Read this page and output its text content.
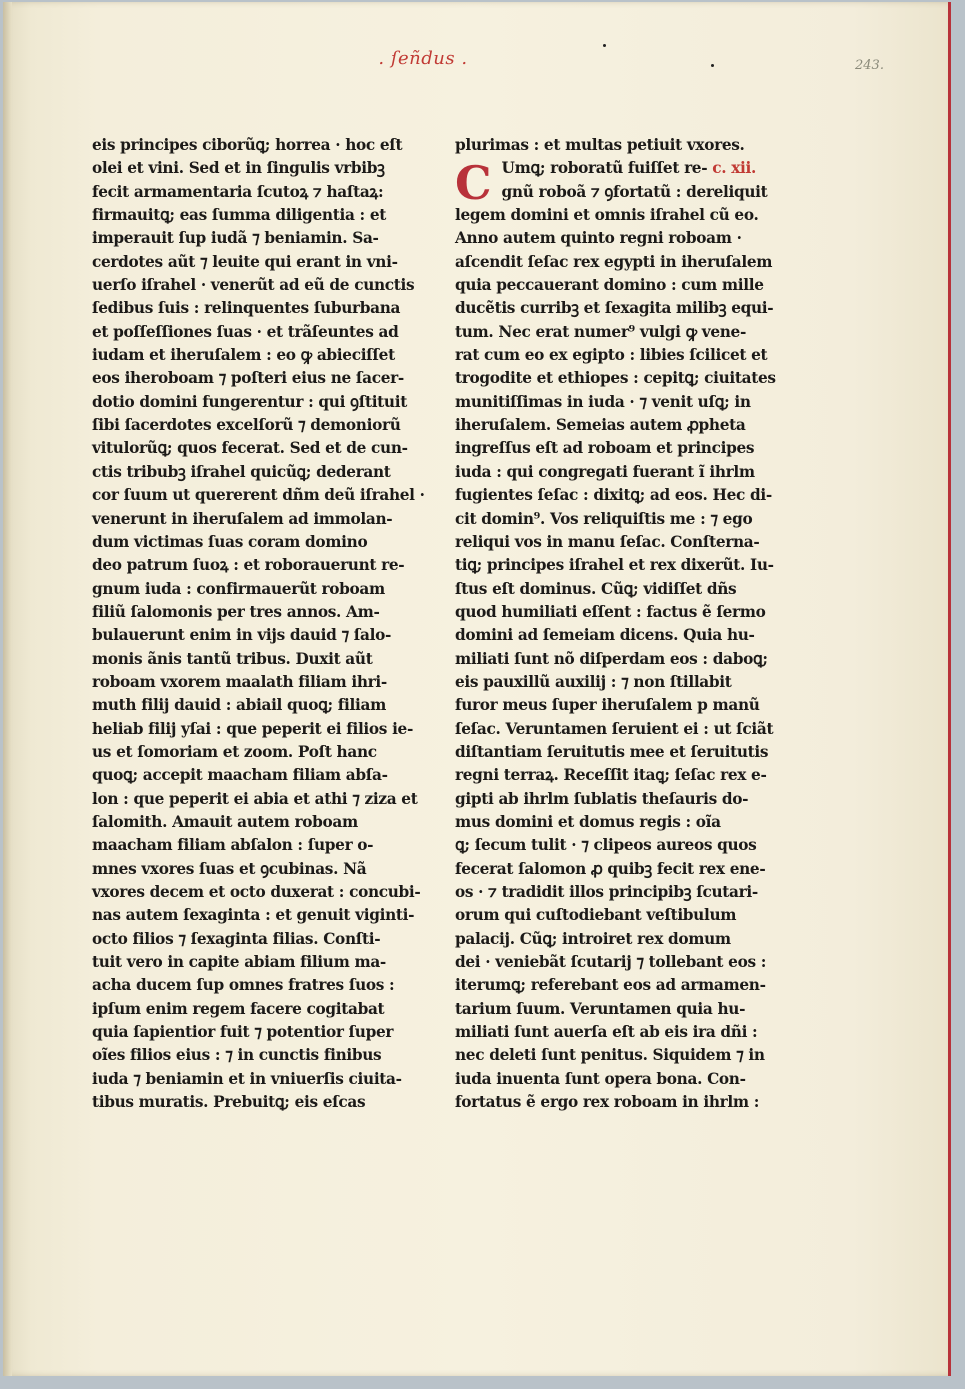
. ſeñdus .	243.
eis principes ciborũꝗ; horrea · hoc eſt
olei et vini. Sed et in ſingulis vrbibꝫ
fecit armamentaria ſcutoꝝ ⁊ haſtaꝝ:
firmauitꝗ; eas ſumma diligentia : et
imperauit ſup iudã ⁊ beniamin. Sa-
cerdotes aũt ⁊ leuite qui erant in vni-
uerſo iſrahel · venerũt ad eũ de cunctis
ſedibus ſuis : relinquentes ſuburbana
et poſſeſſiones ſuas · et trãſeuntes ad
iudam et iheruſalem : eo ꝙ abieciſſet
eos iheroboam ⁊ poſteri eius ne ſacer-
dotio domini fungerentur : qui ꝯſtituit
ſibi ſacerdotes excelſorũ ⁊ demoniorũ
vitulorũꝗ; quos fecerat. Sed et de cun-
ctis tribubꝫ iſrahel quicũꝗ; dederant
cor ſuum ut quererent dñm deũ iſrahel ·
venerunt in iheruſalem ad immolan-
dum victimas ſuas coram domino
deo patrum ſuoꝝ : et roborauerunt re-
gnum iuda : confirmauerũt roboam
filiũ ſalomonis per tres annos. Am-
bulauerunt enim in vijs dauid ⁊ ſalo-
monis ãnis tantũ tribus. Duxit aũt
roboam vxorem maalath filiam ihri-
muth filij dauid : abiail quoꝗ; filiam
heliab filij yſai : que peperit ei filios ie-
us et ſomoriam et zoom. Poſt hanc
quoꝗ; accepit maacham filiam abſa-
lon : que peperit ei abia et athi ⁊ ziza et
ſalomith. Amauit autem roboam
maacham filiam abſalon : ſuper o-
mnes vxores ſuas et ꝯcubinas. Nã
vxores decem et octo duxerat : concubi-
nas autem ſexaginta : et genuit viginti-
octo filios ⁊ ſexaginta filias. Conſti-
tuit vero in capite abiam filium ma-
acha ducem ſup omnes fratres ſuos :
ipſum enim regem facere cogitabat
quia ſapientior fuit ⁊ potentior ſuper
oĩes filios eius : ⁊ in cunctis finibus
iuda ⁊ beniamin et in vniuerſis ciuita-
tibus muratis. Prebuitꝗ; eis eſcas
plurimas : et multas petiuit vxores.
Umꝗ; roboratũ fuiſſet re- c. xii.
gnũ roboã ⁊ ꝯfortatũ : dereliquit
legem domini et omnis iſrahel cũ eo.
Anno autem quinto regni roboam ·
aſcendit ſeſac rex egypti in iheruſalem
quia peccauerant domino : cum mille
ducẽtis curribꝫ et ſexagita milibꝫ equi-
tum. Nec erat numer⁹ vulgi ꝙ vene-
rat cum eo ex egipto : libies ſcilicet et
trogodite et ethiopes : cepitꝗ; ciuitates
munitiſſimas in iuda · ⁊ venit uſꝗ; in
iheruſalem. Semeias autem ꝓpheta
ingreſſus eſt ad roboam et principes
iuda : qui congregati fuerant ĩ ihrlm
fugientes ſeſac : dixitꝗ; ad eos. Hec di-
cit domin⁹. Vos reliquiſtis me : ⁊ ego
reliqui vos in manu ſeſac. Conſterna-
tiꝗ; principes iſrahel et rex dixerũt. Iu-
ſtus eſt dominus. Cũꝗ; vidiſſet dñs
quod humiliati eſſent : factus ẽ ſermo
domini ad ſemeiam dicens. Quia hu-
miliati ſunt nõ diſperdam eos : daboꝗ;
eis pauxillũ auxilij : ⁊ non ſtillabit
furor meus ſuper iheruſalem p manũ
ſeſac. Veruntamen ſeruient ei : ut ſciãt
diſtantiam ſeruitutis mee et ſeruitutis
regni terraꝝ. Receſſit itaꝗ; ſeſac rex e-
gipti ab ihrlm ſublatis theſauris do-
mus domini et domus regis : oĩa
ꝗ; ſecum tulit · ⁊ clipeos aureos quos
fecerat ſalomon ꝓ quibꝫ fecit rex ene-
os · ⁊ tradidit illos principibꝫ ſcutari-
orum qui cuſtodiebant veſtibulum
palacij. Cũꝗ; introiret rex domum
dei · veniebãt ſcutarij ⁊ tollebant eos :
iterumꝗ; referebant eos ad armamen-
tarium ſuum. Veruntamen quia hu-
miliati ſunt auerſa eſt ab eis ira dñi :
nec deleti ſunt penitus. Siquidem ⁊ in
iuda inuenta ſunt opera bona. Con-
fortatus ẽ ergo rex roboam in ihrlm :
C
